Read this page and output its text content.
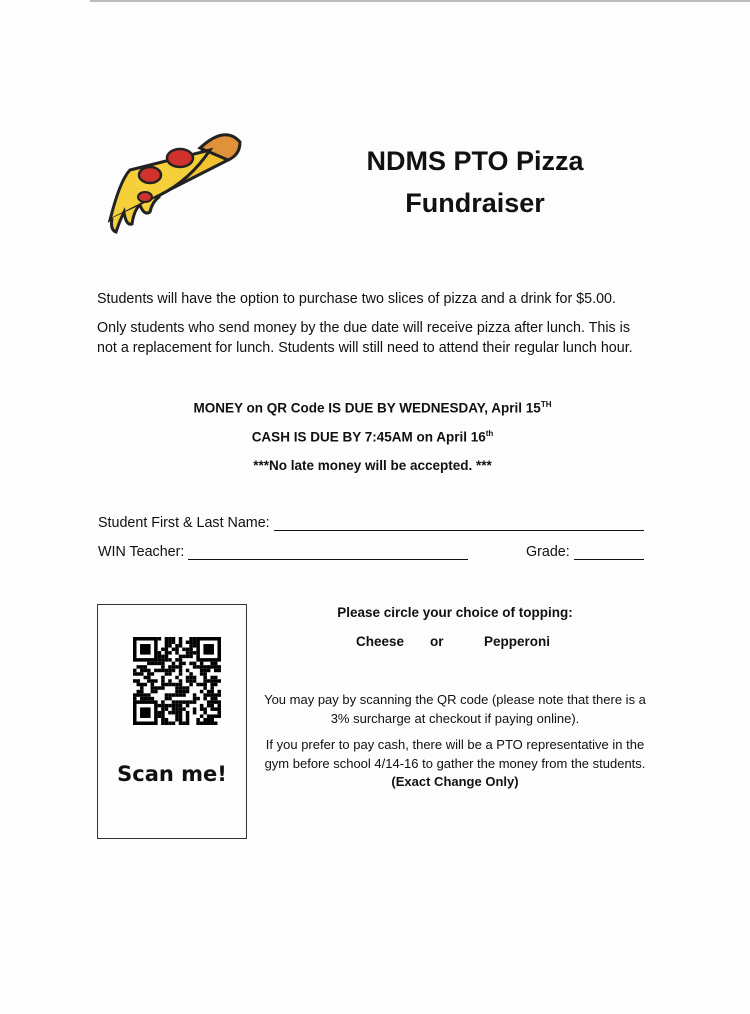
NDMS PTO Pizza
Fundraiser
Students will have the option to purchase two slices of pizza and a drink for $5.00.
Only students who send money by the due date will receive pizza after lunch. This is
not a replacement for lunch. Students will still need to attend their regular lunch hour.
MONEY on QR Code IS DUE BY WEDNESDAY, April 15TH
CASH IS DUE BY 7:45AM on April 16th
***No late money will be accepted. ***
Student First & Last Name:
WIN Teacher:	Grade:
Scan me!
Please circle your choice of topping:
Cheese or	Pepperoni
You may pay by scanning the QR code (please note that there is a
3% surcharge at checkout if paying online).
If you prefer to pay cash, there will be a PTO representative in the
gym before school 4/14-16 to gather the money from the students.
(Exact Change Only)
